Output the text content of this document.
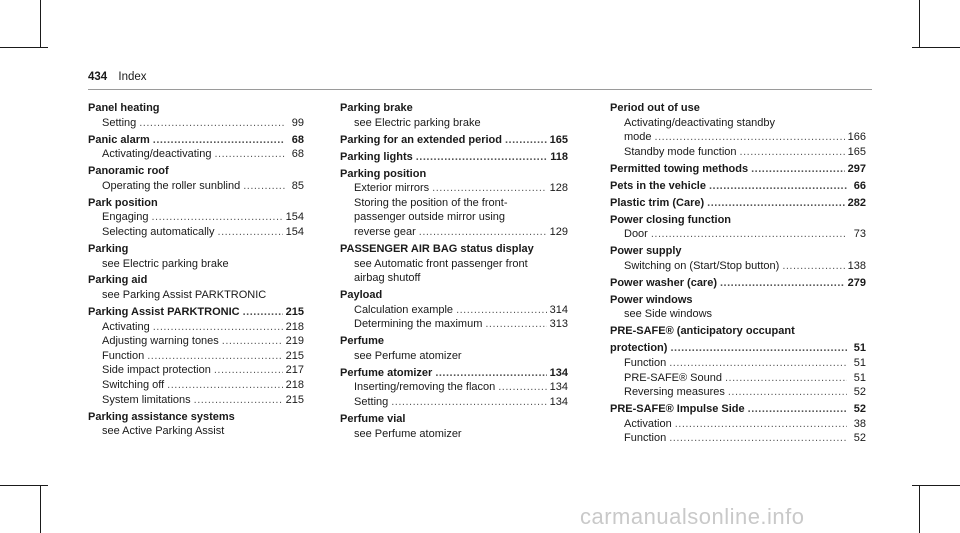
434 Index
Panel heating
Setting .....	99
Panic alarm .....	68
Activating/deactivating .....	68
Panoramic roof
Operating the roller sunblind .....	85
Park position
Engaging .....	154
Selecting automatically .....	154
Parking
see Electric parking brake
Parking aid
see Parking Assist PARKTRONIC
Parking Assist PARKTRONIC .....	215
Activating .....	218
Adjusting warning tones .....	219
Function .....	215
Side impact protection .....	217
Switching off .....	218
System limitations .....	215
Parking assistance systems
see Active Parking Assist
Parking brake
see Electric parking brake
Parking for an extended period .....	165
Parking lights .....	118
Parking position
Exterior mirrors .....	128
Storing the position of the front-
passenger outside mirror using
reverse gear .....	129
PASSENGER AIR BAG status display
see Automatic front passenger front
airbag shutoff
Payload
Calculation example .....	314
Determining the maximum .....	313
Perfume
see Perfume atomizer
Perfume atomizer .....	134
Inserting/removing the flacon .....	134
Setting .....	134
Perfume vial
see Perfume atomizer
Period out of use
Activating/deactivating standby
mode .....	166
Standby mode function .....	165
Permitted towing methods .....	297
Pets in the vehicle .....	66
Plastic trim (Care) .....	282
Power closing function
Door .....	73
Power supply
Switching on (Start/Stop button) .....	138
Power washer (care) .....	279
Power windows
see Side windows
PRE-SAFE® (anticipatory occupant
protection) .....	51
Function .....	51
PRE-SAFE® Sound .....	51
Reversing measures .....	52
PRE-SAFE® Impulse Side .....	52
Activation .....	38
Function .....	52
carmanualsonline.info
